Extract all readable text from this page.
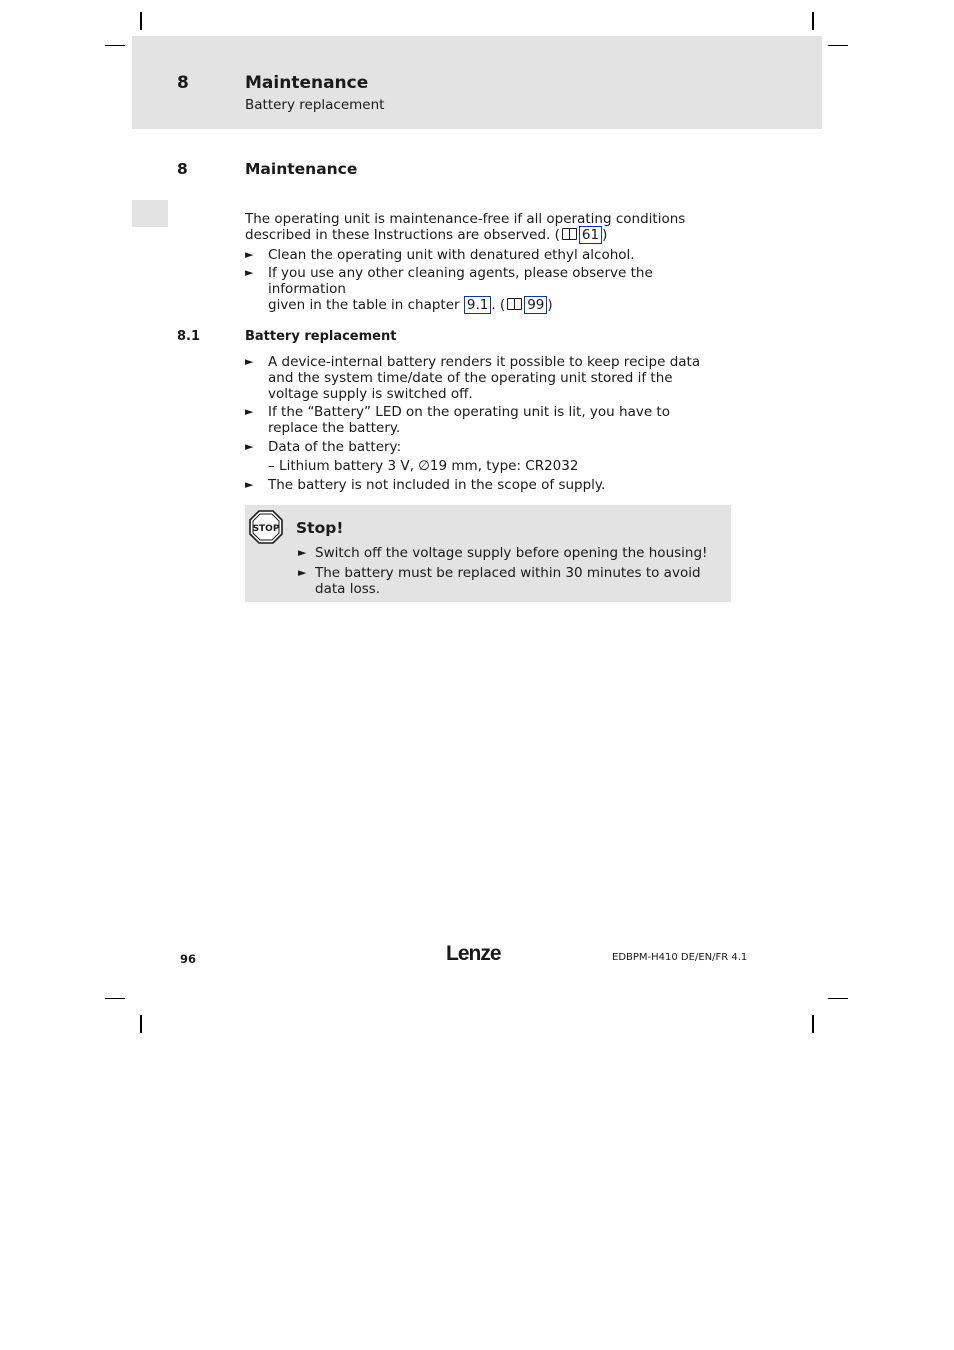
8	Maintenance
Battery replacement
8	Maintenance
The operating unit is maintenance-free if all operating conditions described in these Instructions are observed. ( 61 )
► Clean the operating unit with denatured ethyl alcohol.
► If you use any other cleaning agents, please observe the information
given in the table in chapter 9.1 . ( 99 )
8.1	Battery replacement
► A device-internal battery renders it possible to keep recipe data and the system time/date of the operating unit stored if the voltage supply is switched off.
► If the “Battery” LED on the operating unit is lit, you have to replace the battery.
► Data of the battery:
– Lithium battery 3 V, ∅19 mm, type: CR2032
► The battery is not included in the scope of supply.
STOP Stop!
► Switch off the voltage supply before opening the housing!
► The battery must be replaced within 30 minutes to avoid data loss.
96	Lenze	EDBPM-H410 DE/EN/FR 4.1
